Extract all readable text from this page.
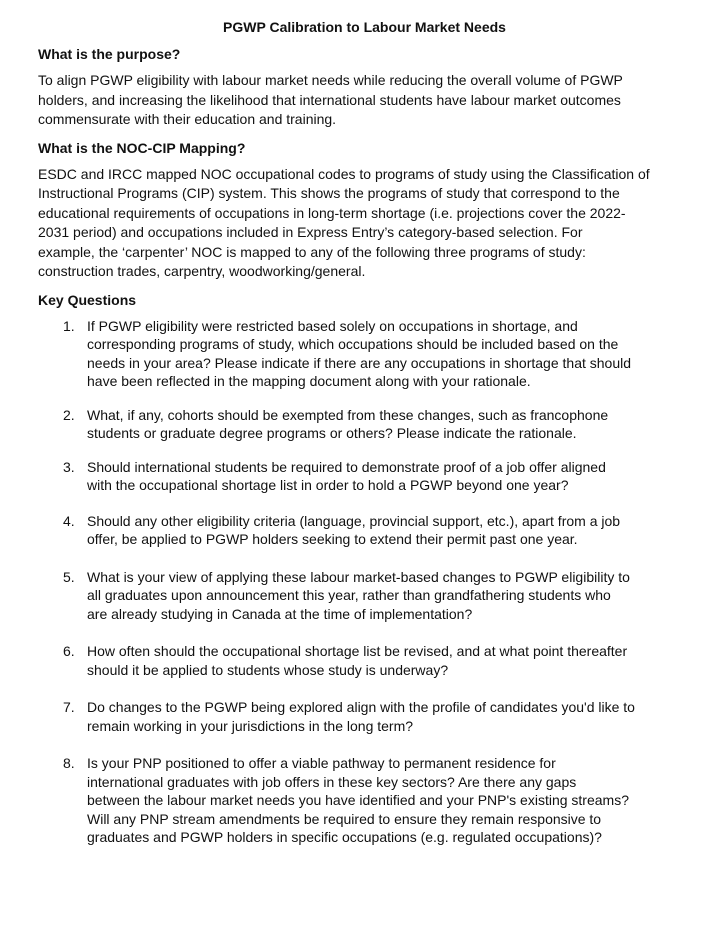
PGWP Calibration to Labour Market Needs
What is the purpose?

To align PGWP eligibility with labour market needs while reducing the overall volume of PGWP
holders, and increasing the likelihood that international students have labour market outcomes
commensurate with their education and training.

What is the NOC-CIP Mapping?

ESDC and IRCC mapped NOC occupational codes to programs of study using the Classification of
Instructional Programs (CIP) system. This shows the programs of study that correspond to the
educational requirements of occupations in long-term shortage (i.e. projections cover the 2022-
2031 period) and occupations included in Express Entry’s category-based selection. For
example, the ‘carpenter’ NOC is mapped to any of the following three programs of study:
construction trades, carpentry, woodworking/general.

Key Questions
1. If PGWP eligibility were restricted based solely on occupations in shortage, and
corresponding programs of study, which occupations should be included based on the
needs in your area? Please indicate if there are any occupations in shortage that should
have been reflected in the mapping document along with your rationale.
2. What, if any, cohorts should be exempted from these changes, such as francophone
students or graduate degree programs or others? Please indicate the rationale.
3. Should international students be required to demonstrate proof of a job offer aligned
with the occupational shortage list in order to hold a PGWP beyond one year?
4. Should any other eligibility criteria (language, provincial support, etc.), apart from a job
offer, be applied to PGWP holders seeking to extend their permit past one year.
5. What is your view of applying these labour market-based changes to PGWP eligibility to
all graduates upon announcement this year, rather than grandfathering students who
are already studying in Canada at the time of implementation?
6. How often should the occupational shortage list be revised, and at what point thereafter
should it be applied to students whose study is underway?
7. Do changes to the PGWP being explored align with the profile of candidates you'd like to
remain working in your jurisdictions in the long term?
8. Is your PNP positioned to offer a viable pathway to permanent residence for
international graduates with job offers in these key sectors? Are there any gaps
between the labour market needs you have identified and your PNP's existing streams?
Will any PNP stream amendments be required to ensure they remain responsive to
graduates and PGWP holders in specific occupations (e.g. regulated occupations)?
